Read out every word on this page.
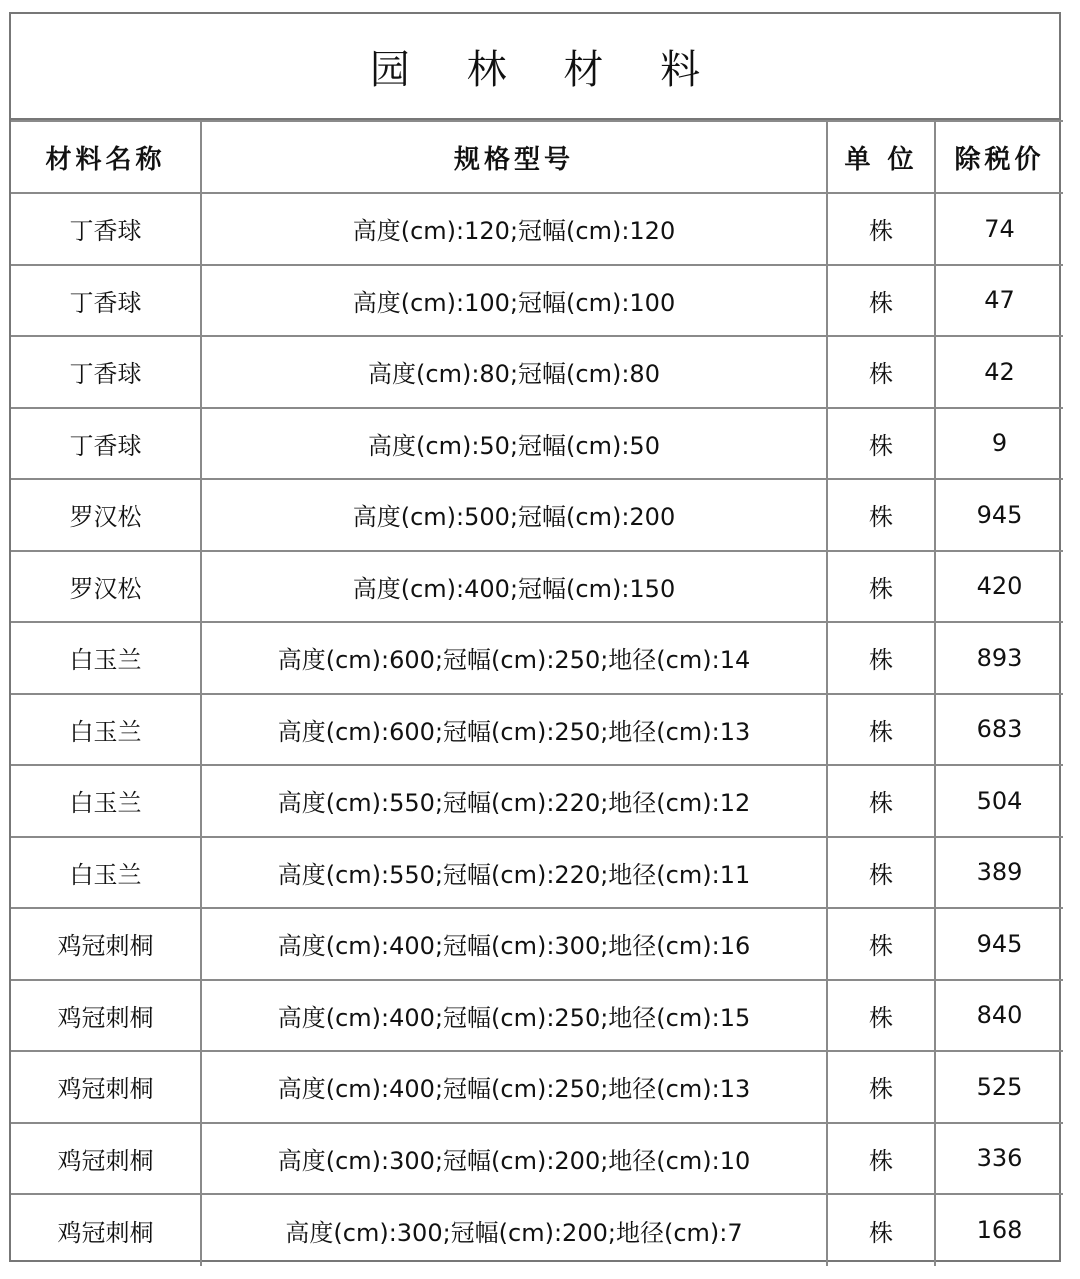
园 林 材 料
材料名称	规格型号	单 位	除税价
丁香球	高度(cm):120;冠幅(cm):120	株	74
丁香球	高度(cm):100;冠幅(cm):100	株	47
丁香球	高度(cm):80;冠幅(cm):80	株	42
丁香球	高度(cm):50;冠幅(cm):50	株	9
罗汉松	高度(cm):500;冠幅(cm):200	株	945
罗汉松	高度(cm):400;冠幅(cm):150	株	420
白玉兰	高度(cm):600;冠幅(cm):250;地径(cm):14	株	893
白玉兰	高度(cm):600;冠幅(cm):250;地径(cm):13	株	683
白玉兰	高度(cm):550;冠幅(cm):220;地径(cm):12	株	504
白玉兰	高度(cm):550;冠幅(cm):220;地径(cm):11	株	389
鸡冠刺桐	高度(cm):400;冠幅(cm):300;地径(cm):16	株	945
鸡冠刺桐	高度(cm):400;冠幅(cm):250;地径(cm):15	株	840
鸡冠刺桐	高度(cm):400;冠幅(cm):250;地径(cm):13	株	525
鸡冠刺桐	高度(cm):300;冠幅(cm):200;地径(cm):10	株	336
鸡冠刺桐	高度(cm):300;冠幅(cm):200;地径(cm):7	株	168
